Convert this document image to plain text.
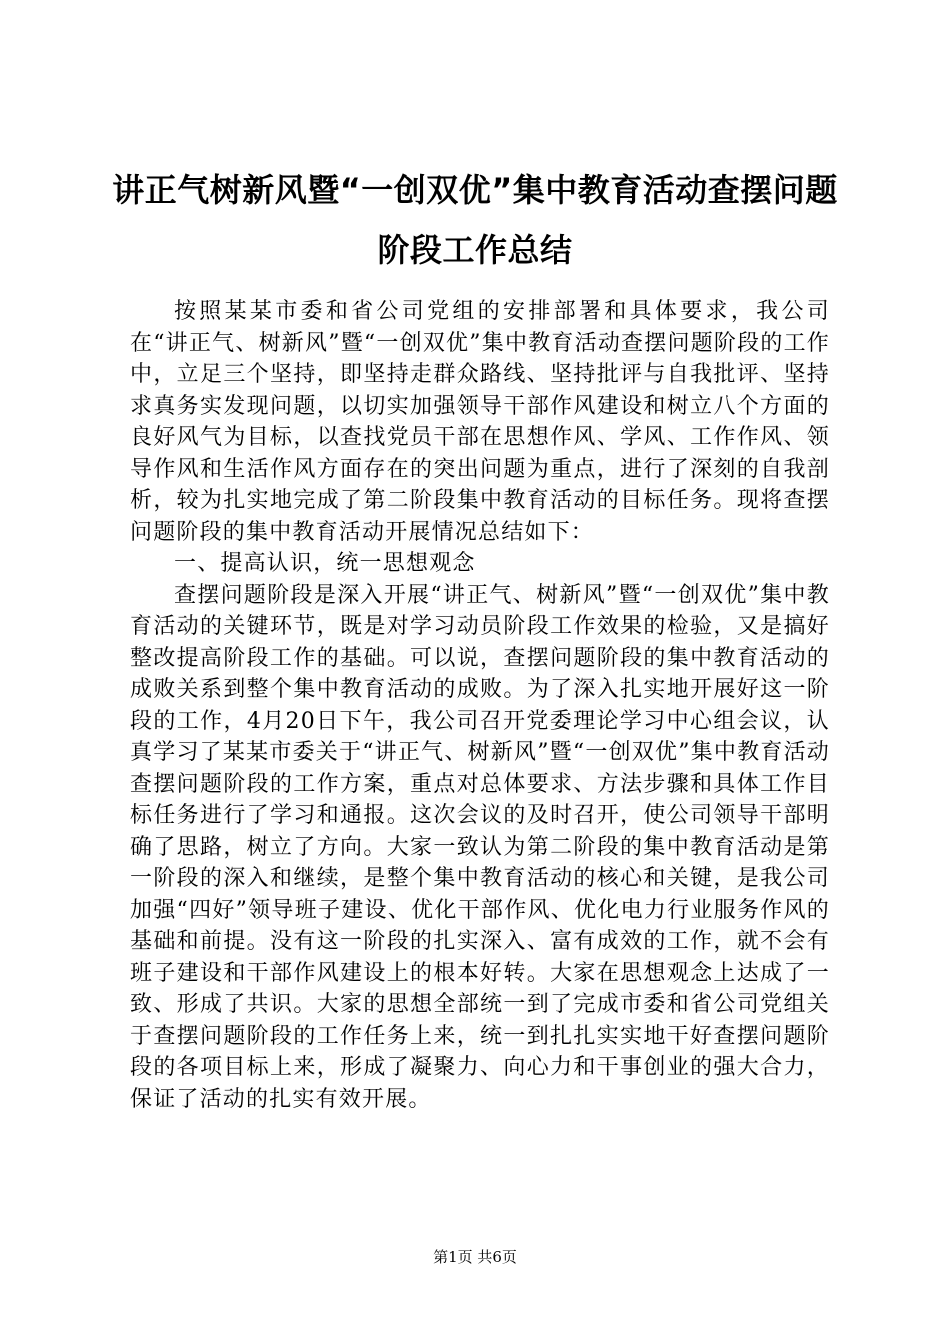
讲正气树新风暨“一创双优”集中教育活动查摆问题阶段工作总结

按照某某市委和省公司党组的安排部署和具体要求，我公司在“讲正气、树新风”暨“一创双优”集中教育活动查摆问题阶段的工作中，立足三个坚持，即坚持走群众路线、坚持批评与自我批评、坚持求真务实发现问题，以切实加强领导干部作风建设和树立八个方面的良好风气为目标，以查找党员干部在思想作风、学风、工作作风、领导作风和生活作风方面存在的突出问题为重点，进行了深刻的自我剖析，较为扎实地完成了第二阶段集中教育活动的目标任务。现将查摆问题阶段的集中教育活动开展情况总结如下：

一、提高认识，统一思想观念

查摆问题阶段是深入开展“讲正气、树新风”暨“一创双优”集中教育活动的关键环节，既是对学习动员阶段工作效果的检验，又是搞好整改提高阶段工作的基础。可以说，查摆问题阶段的集中教育活动的成败关系到整个集中教育活动的成败。为了深入扎实地开展好这一阶段的工作，4月20日下午，我公司召开党委理论学习中心组会议，认真学习了某某市委关于“讲正气、树新风”暨“一创双优”集中教育活动查摆问题阶段的工作方案，重点对总体要求、方法步骤和具体工作目标任务进行了学习和通报。这次会议的及时召开，使公司领导干部明确了思路，树立了方向。大家一致认为第二阶段的集中教育活动是第一阶段的深入和继续，是整个集中教育活动的核心和关键，是我公司加强“四好”领导班子建设、优化干部作风、优化电力行业服务作风的基础和前提。没有这一阶段的扎实深入、富有成效的工作，就不会有班子建设和干部作风建设上的根本好转。大家在思想观念上达成了一致、形成了共识。大家的思想全部统一到了完成市委和省公司党组关于查摆问题阶段的工作任务上来，统一到扎扎实实地干好查摆问题阶段的各项目标上来，形成了凝聚力、向心力和干事创业的强大合力，保证了活动的扎实有效开展。

第1页 共6页
